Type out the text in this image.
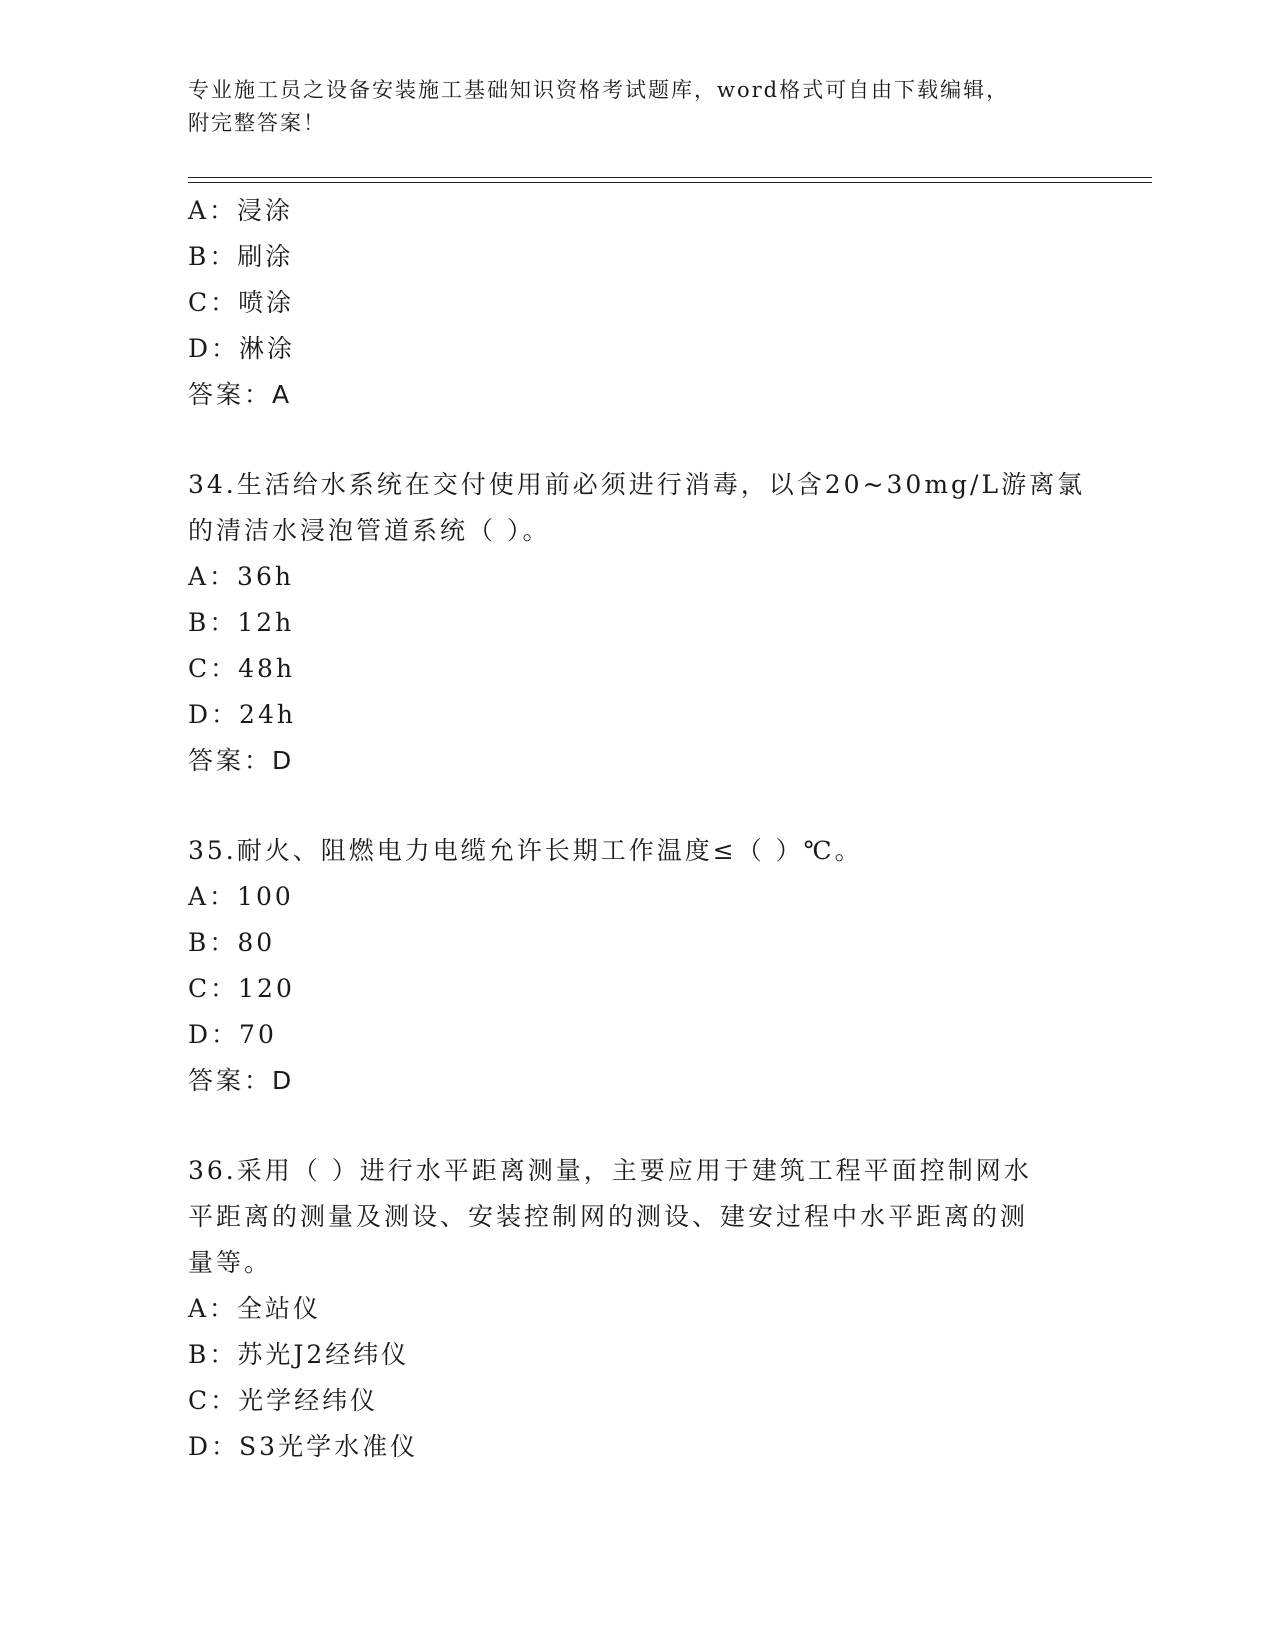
专业施工员之设备安装施工基础知识资格考试题库，word格式可自由下载编辑，
附完整答案！
A：浸涂
B：刷涂
C：喷涂
D：淋涂
答案：A
34.生活给水系统在交付使用前必须进行消毒，以含20~30mg/L游离氯
的清洁水浸泡管道系统（ ）。
A：36h
B：12h
C：48h
D：24h
答案：D
35.耐火、阻燃电力电缆允许长期工作温度≤（ ）℃。
A：100
B：80
C：120
D：70
答案：D
36.采用（ ）进行水平距离测量，主要应用于建筑工程平面控制网水
平距离的测量及测设、安装控制网的测设、建安过程中水平距离的测
量等。
A：全站仪
B：苏光J2经纬仪
C：光学经纬仪
D：S3光学水准仪
